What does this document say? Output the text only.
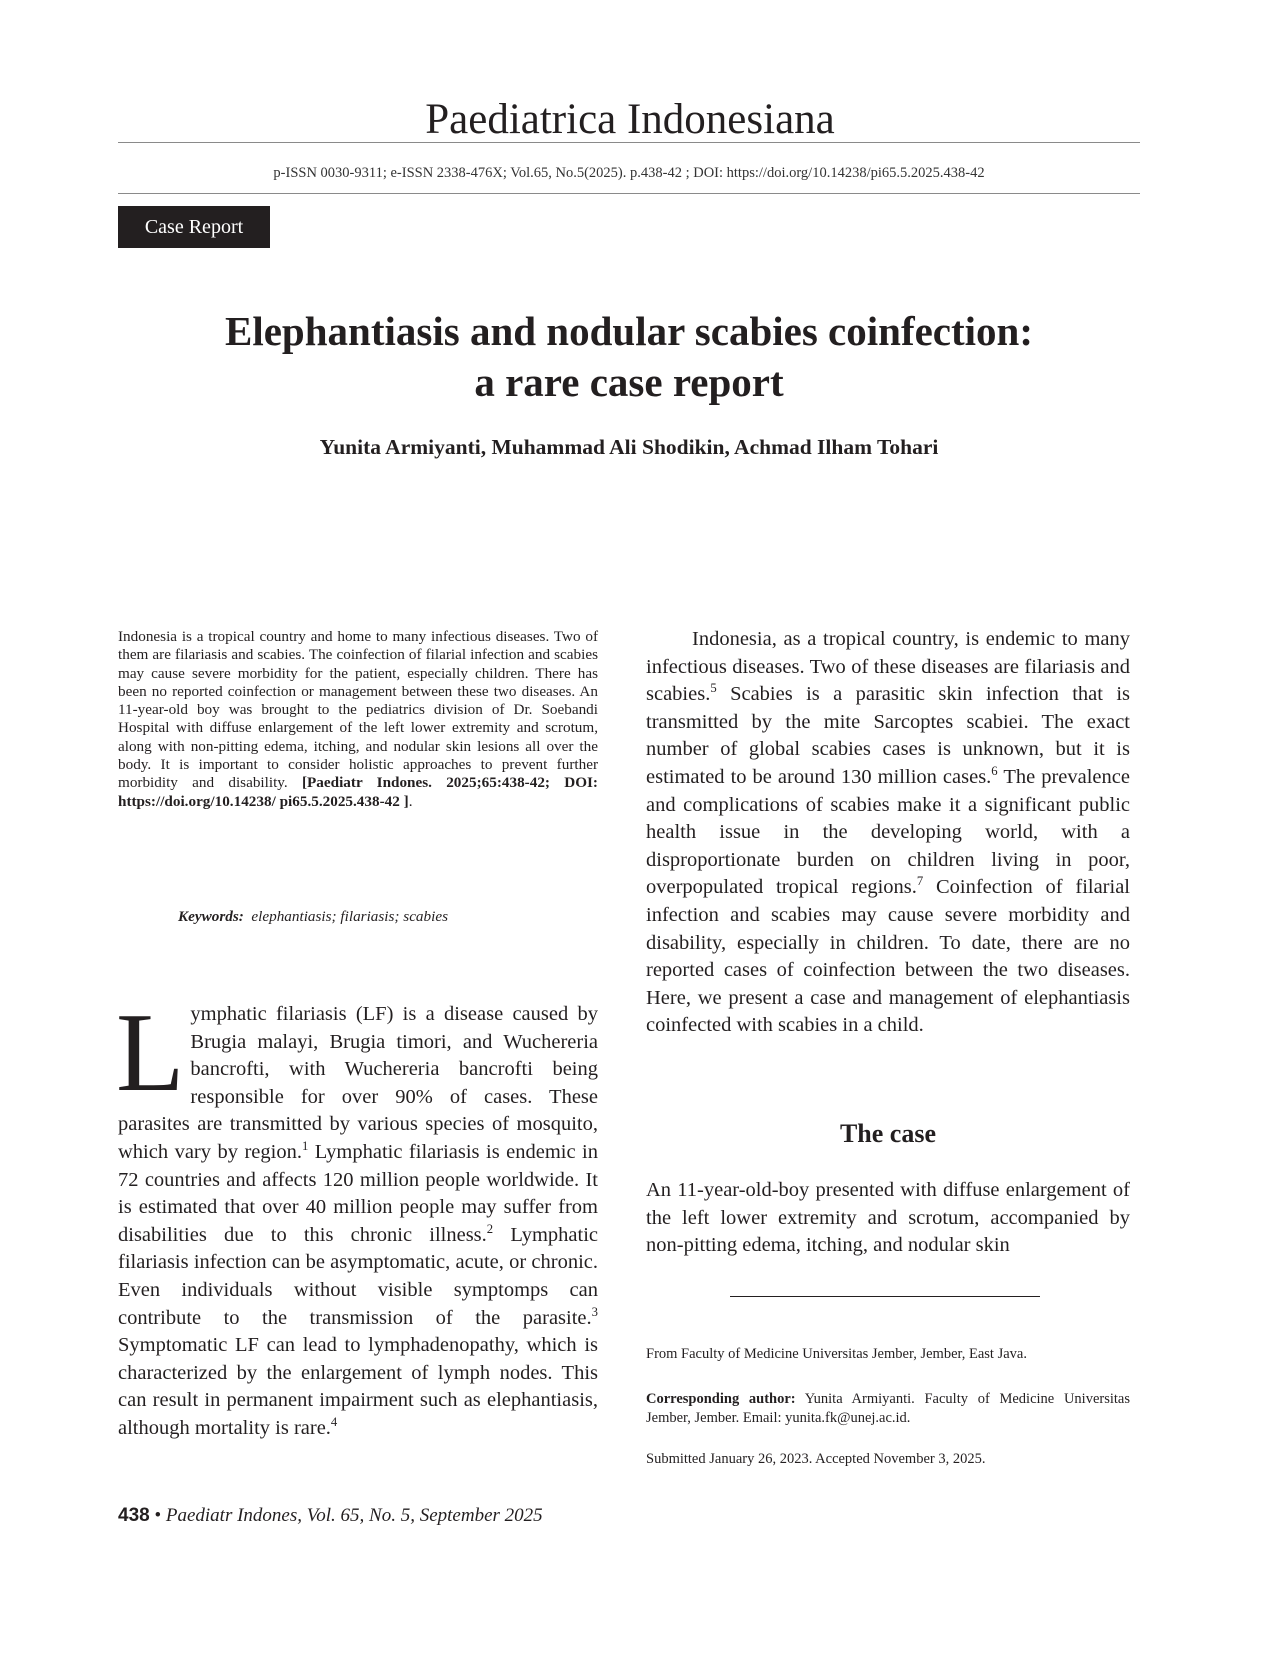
Paediatrica Indonesiana
p-ISSN 0030-9311; e-ISSN 2338-476X; Vol.65, No.5(2025). p.438-42 ; DOI: https://doi.org/10.14238/pi65.5.2025.438-42
Case Report
Elephantiasis and nodular scabies coinfection:
a rare case report
Yunita Armiyanti, Muhammad Ali Shodikin, Achmad Ilham Tohari
Indonesia is a tropical country and home to many infectious diseases. Two of them are filariasis and scabies. The coinfection of filarial infection and scabies may cause severe morbidity for the patient, especially children. There has been no reported coinfection or management between these two diseases. An 11-year-old boy was brought to the pediatrics division of Dr. Soebandi Hospital with diffuse enlargement of the left lower extremity and scrotum, along with non-pitting edema, itching, and nodular skin lesions all over the body. It is important to consider holistic approaches to prevent further morbidity and disability. [Paediatr Indones. 2025;65:438-42; DOI: https://doi.org/10.14238/ pi65.5.2025.438-42 ].
Keywords: elephantiasis; filariasis; scabies
Lymphatic filariasis (LF) is a disease caused by Brugia malayi, Brugia timori, and Wuchereria bancrofti, with Wuchereria bancrofti being responsible for over 90% of cases. These parasites are transmitted by various species of mosquito, which vary by region.$^1$ Lymphatic filariasis is endemic in 72 countries and affects 120 million people worldwide. It is estimated that over 40 million people may suffer from disabilities due to this chronic illness.$^2$ Lymphatic filariasis infection can be asymptomatic, acute, or chronic. Even individuals without visible symptomps can contribute to the transmission of the parasite.$^3$ Symptomatic LF can lead to lymphadenopathy, which is characterized by the enlargement of lymph nodes. This can result in permanent impairment such as elephantiasis, although mortality is rare.$^4$

Indonesia, as a tropical country, is endemic to many infectious diseases. Two of these diseases are filariasis and scabies.$^5$ Scabies is a parasitic skin infection that is transmitted by the mite Sarcoptes scabiei. The exact number of global scabies cases is unknown, but it is estimated to be around 130 million cases.$^6$ The prevalence and complications of scabies make it a significant public health issue in the developing world, with a disproportionate burden on children living in poor, overpopulated tropical regions.$^7$ Coinfection of filarial infection and scabies may cause severe morbidity and disability, especially in children. To date, there are no reported cases of coinfection between the two diseases. Here, we present a case and management of elephantiasis coinfected with scabies in a child.

The case
An 11-year-old-boy presented with diffuse enlargement of the left lower extremity and scrotum, accompanied by non-pitting edema, itching, and nodular skin
From Faculty of Medicine Universitas Jember, Jember, East Java.
Corresponding author: Yunita Armiyanti. Faculty of Medicine Universitas Jember, Jember. Email: yunita.fk@unej.ac.id.
Submitted January 26, 2023. Accepted November 3, 2025.
438 • Paediatr Indones, Vol. 65, No. 5, September 2025
